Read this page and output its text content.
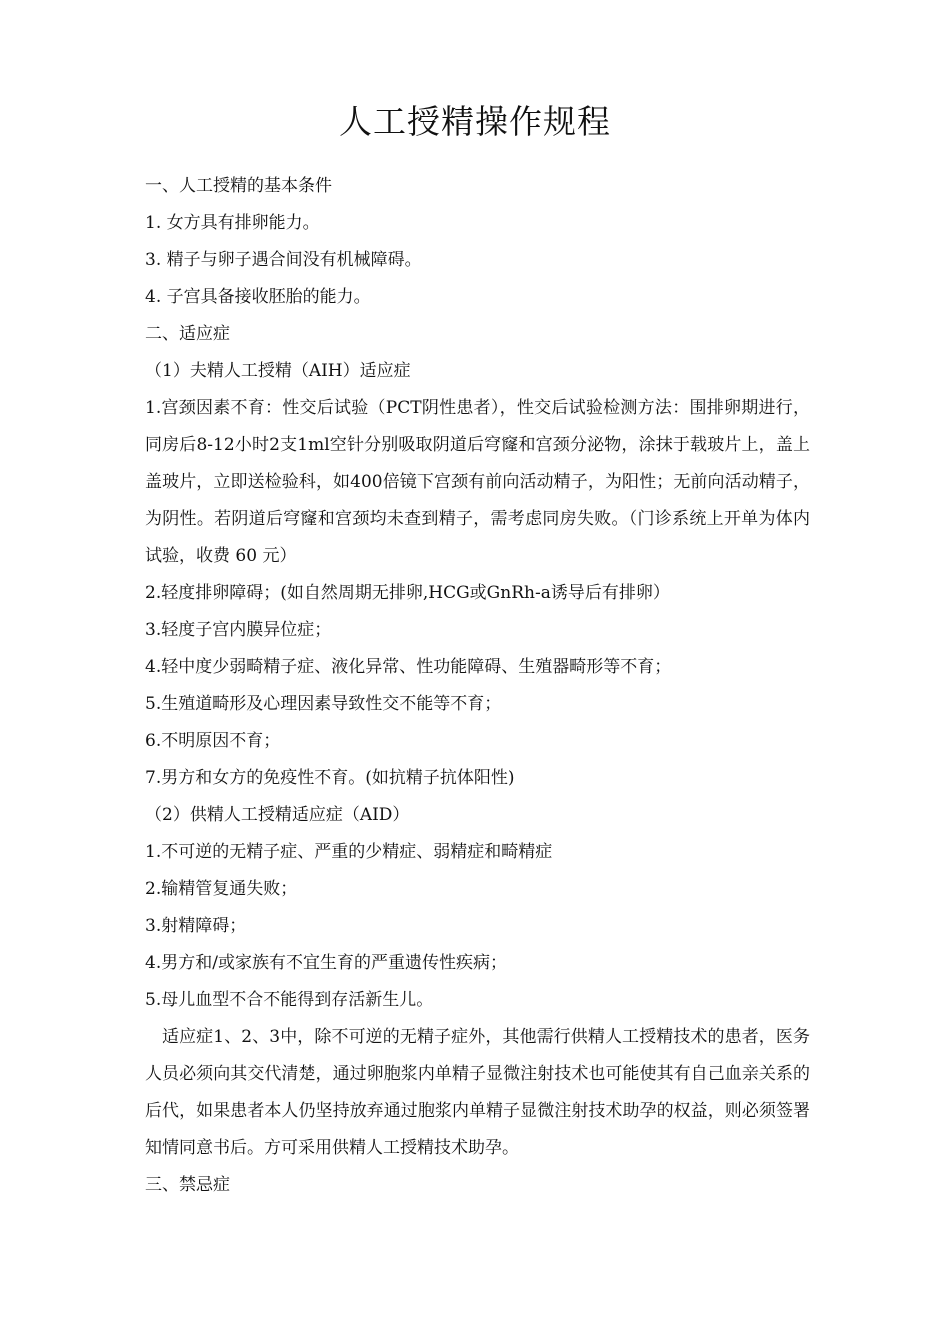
人工授精操作规程

一、人工授精的基本条件

1. 女方具有排卵能力。

3. 精子与卵子遇合间没有机械障碍。

4. 子宫具备接收胚胎的能力。

二、适应症

（1）夫精人工授精（AIH）适应症

1.宫颈因素不育：性交后试验（PCT阴性患者），性交后试验检测方法：围排卵期进行，同房后8-12小时2支1ml空针分别吸取阴道后穹窿和宫颈分泌物，涂抹于载玻片上，盖上盖玻片，立即送检验科，如400倍镜下宫颈有前向活动精子，为阳性；无前向活动精子，为阴性。若阴道后穹窿和宫颈均未查到精子，需考虑同房失败。（门诊系统上开单为体内试验，收费 60 元）

2.轻度排卵障碍；(如自然周期无排卵,HCG或GnRh-a诱导后有排卵）

3.轻度子宫内膜异位症；

4.轻中度少弱畸精子症、液化异常、性功能障碍、生殖器畸形等不育；

5.生殖道畸形及心理因素导致性交不能等不育；

6.不明原因不育；

7.男方和女方的免疫性不育。(如抗精子抗体阳性)

（2）供精人工授精适应症（AID）

1.不可逆的无精子症、严重的少精症、弱精症和畸精症

2.输精管复通失败；

3.射精障碍；

4.男方和/或家族有不宜生育的严重遗传性疾病；

5.母儿血型不合不能得到存活新生儿。

适应症1、2、3中，除不可逆的无精子症外，其他需行供精人工授精技术的患者，医务人员必须向其交代清楚，通过卵胞浆内单精子显微注射技术也可能使其有自己血亲关系的后代，如果患者本人仍坚持放弃通过胞浆内单精子显微注射技术助孕的权益，则必须签署知情同意书后。方可采用供精人工授精技术助孕。

三、禁忌症
